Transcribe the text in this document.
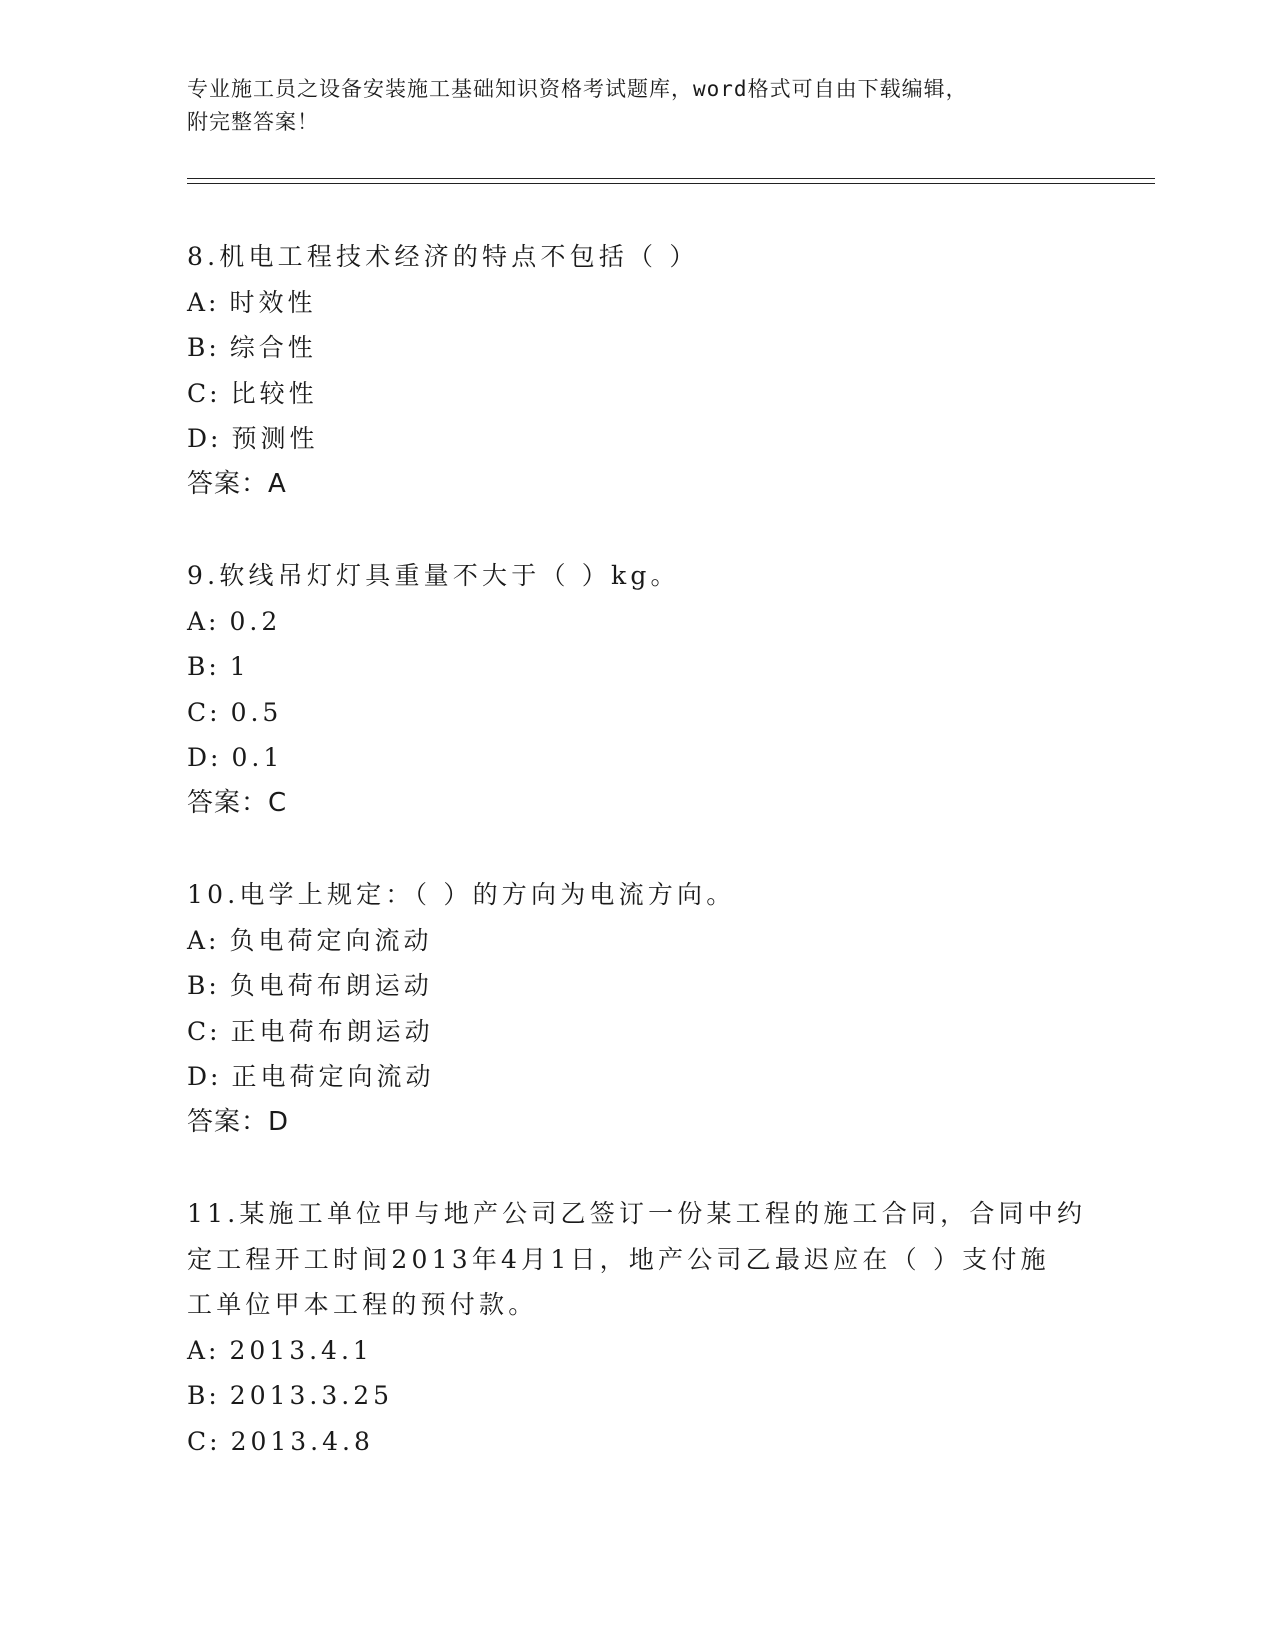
专业施工员之设备安装施工基础知识资格考试题库，word格式可自由下载编辑，
附完整答案！
8.机电工程技术经济的特点不包括（ ）
A: 时效性
B: 综合性
C: 比较性
D: 预测性
答案：A
9.软线吊灯灯具重量不大于（ ）kg。
A: 0.2
B: 1
C: 0.5
D: 0.1
答案：C
10.电学上规定：（ ）的方向为电流方向。
A: 负电荷定向流动
B: 负电荷布朗运动
C: 正电荷布朗运动
D: 正电荷定向流动
答案：D
11.某施工单位甲与地产公司乙签订一份某工程的施工合同，合同中约
定工程开工时间2013年4月1日，地产公司乙最迟应在（ ）支付施
工单位甲本工程的预付款。
A: 2013.4.1
B: 2013.3.25
C: 2013.4.8
